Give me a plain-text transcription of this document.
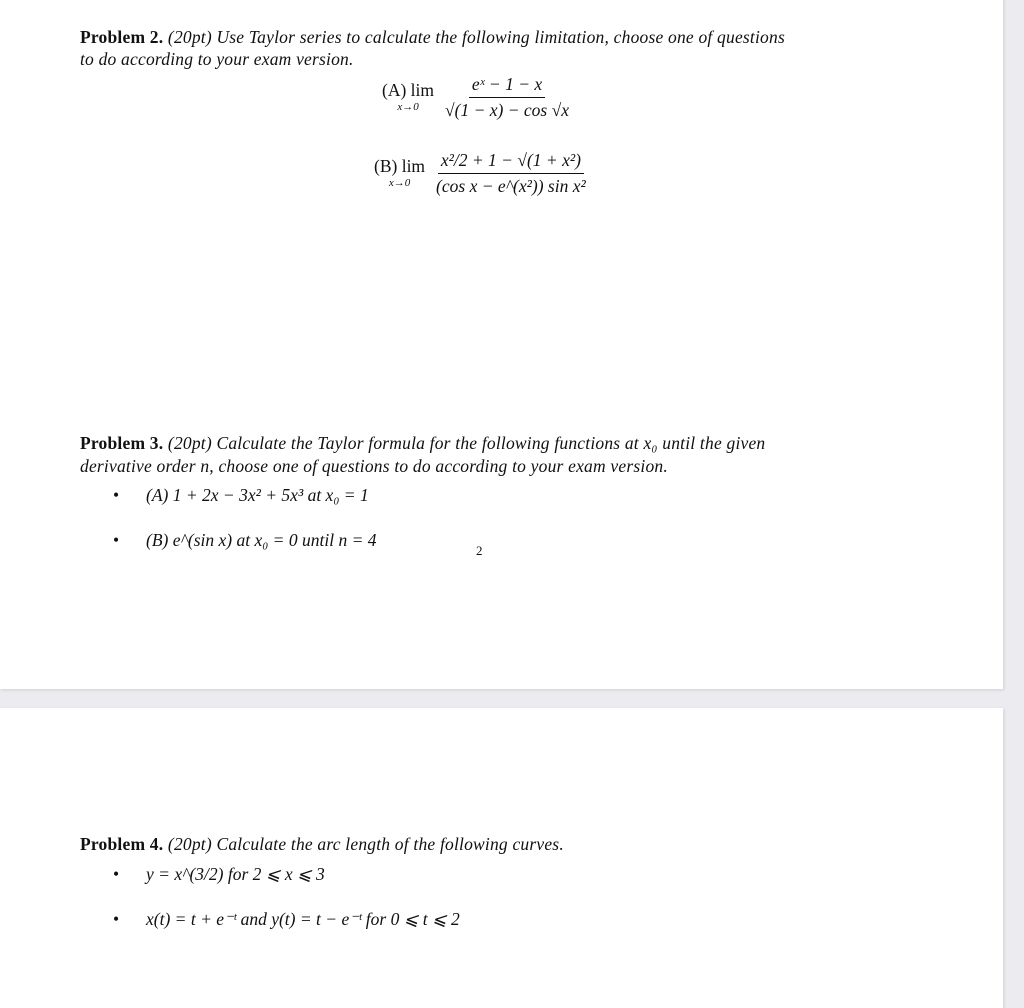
Problem 2. (20pt) Use Taylor series to calculate the following limitation, choose one of questions
to do according to your exam version.
(A) lim
$x\to 0 \frac{\text{eˣ − 1 − x}}{√(1 - x) - \cos √x}$
(B) lim
$x\to 0 \frac{\text{x²/2 + 1 − √(1 + x²)}}{\text{(cos x − e\textasciicircum{}(x²)) sin x²}}$
Problem 3. (20pt) Calculate the Taylor formula for the following functions at x₀ until the given
derivative order n, choose one of questions to do according to your exam version.
• (A) 1 + 2x − 3x² + 5x³ at x₀ = 1
• (B) e^(sin x) at x₀ = 0 until n = 4
2
Problem 4. (20pt) Calculate the arc length of the following curves.
• y = x^(3/2) for 2 ⩽ x ⩽ 3
• x(t) = t + e⁻ᵗ and y(t) = t − e⁻ᵗ for 0 ⩽ t ⩽ 2
